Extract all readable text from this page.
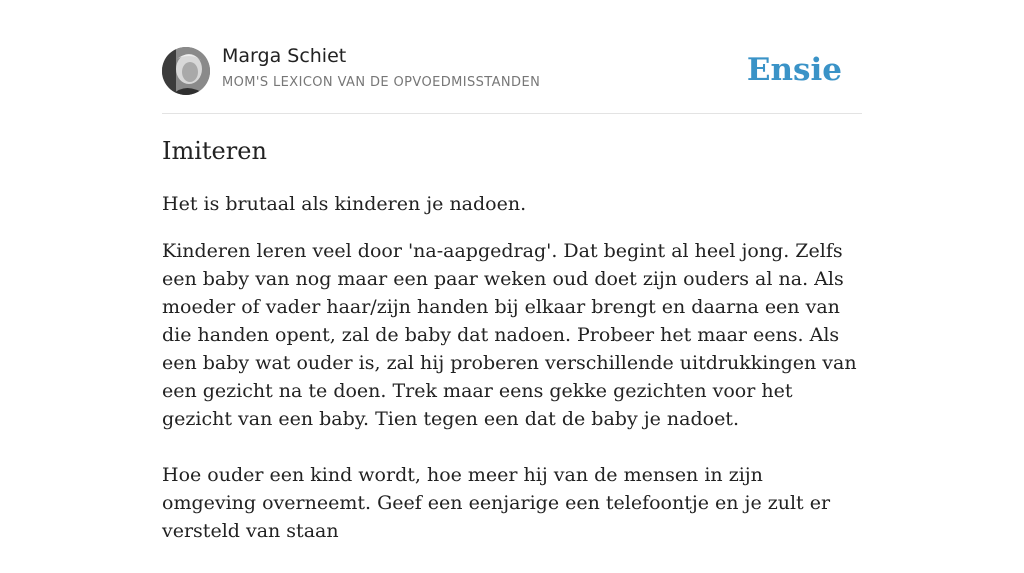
Marga Schiet
MOM'S LEXICON VAN DE OPVOEDMISSTANDEN	Ensie
Imiteren

Het is brutaal als kinderen je nadoen.

Kinderen leren veel door 'na-aapgedrag'. Dat begint al heel jong. Zelfs een baby van nog maar een paar weken oud doet zijn ouders al na. Als moeder of vader haar/zijn handen bij elkaar brengt en daarna een van die handen opent, zal de baby dat nadoen. Probeer het maar eens. Als een baby wat ouder is, zal hij proberen verschillende uitdrukkingen van een gezicht na te doen. Trek maar eens gekke gezichten voor het gezicht van een baby. Tien tegen een dat de baby je nadoet.

Hoe ouder een kind wordt, hoe meer hij van de mensen in zijn omgeving overneemt. Geef een eenjarige een telefoontje en je zult er versteld van staan
